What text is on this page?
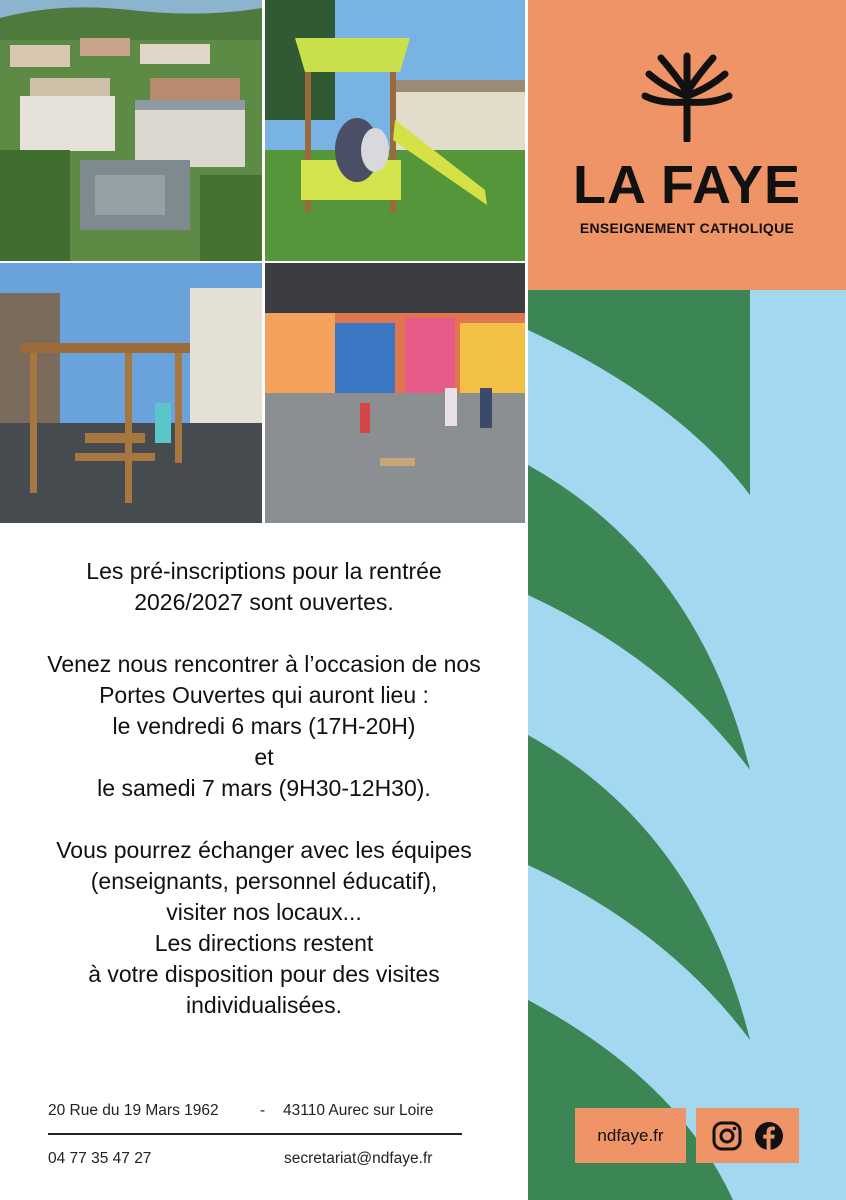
LA FAYE
ENSEIGNEMENT CATHOLIQUE
Les pré-inscriptions pour la rentrée
2026/2027 sont ouvertes.
Venez nous rencontrer à l’occasion de nos
Portes Ouvertes qui auront lieu :
le vendredi 6 mars (17H-20H)
et
le samedi 7 mars (9H30-12H30).
Vous pourrez échanger avec les équipes
(enseignants, personnel éducatif),
visiter nos locaux...
Les directions restent
à votre disposition pour des visites
individualisées.
20 Rue du 19 Mars 1962	- 43110 Aurec sur Loire
04 77 35 47 27	secretariat@ndfaye.fr
ndfaye.fr
